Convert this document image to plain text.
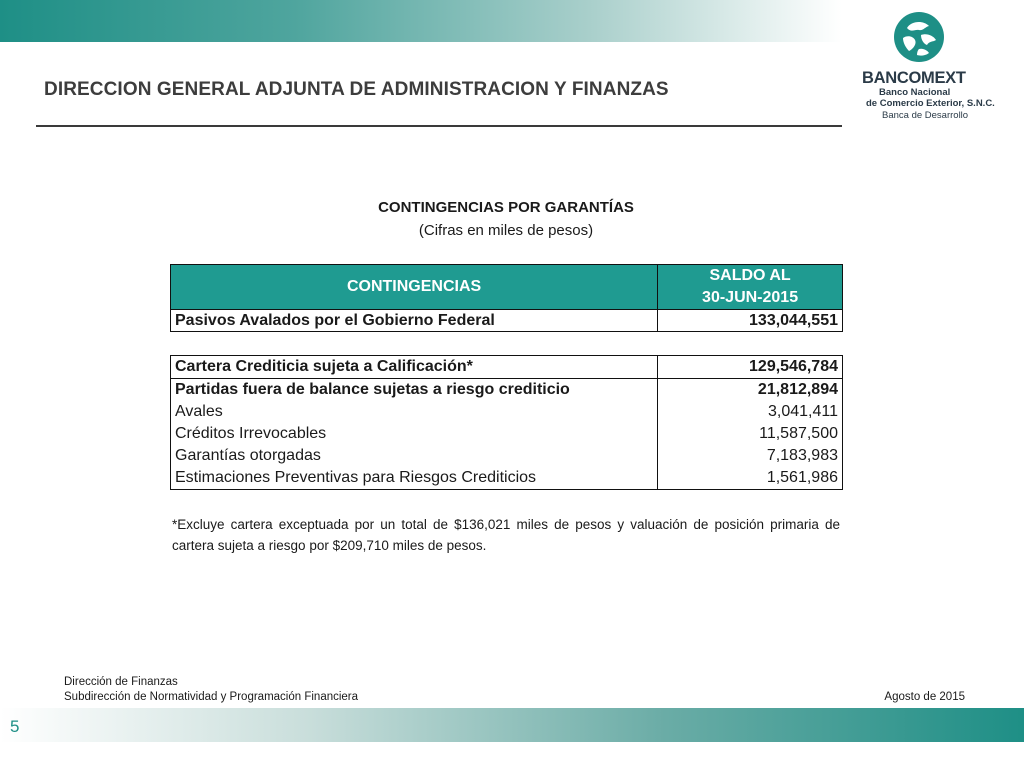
DIRECCION GENERAL ADJUNTA DE ADMINISTRACION Y FINANZAS
BANCOMEXT
Banco Nacional
de Comercio Exterior, S.N.C.
Banca de Desarrollo
CONTINGENCIAS POR GARANTÍAS
(Cifras en miles de pesos)
CONTINGENCIAS	SALDO AL
30-JUN-2015

Pasivos Avalados por el Gobierno Federal	133,044,551
Cartera Crediticia sujeta a Calificación*	129,546,784
Partidas fuera de balance sujetas a riesgo crediticio	21,812,894
Avales	3,041,411
Créditos Irrevocables	11,587,500
Garantías otorgadas	7,183,983
Estimaciones Preventivas para Riesgos Crediticios	1,561,986
*Excluye cartera exceptuada por un total de $136,021 miles de pesos y valuación de posición primaria de cartera sujeta a riesgo por $209,710 miles de pesos.
Dirección de Finanzas
Subdirección de Normatividad y Programación Financiera	Agosto de 2015
5
